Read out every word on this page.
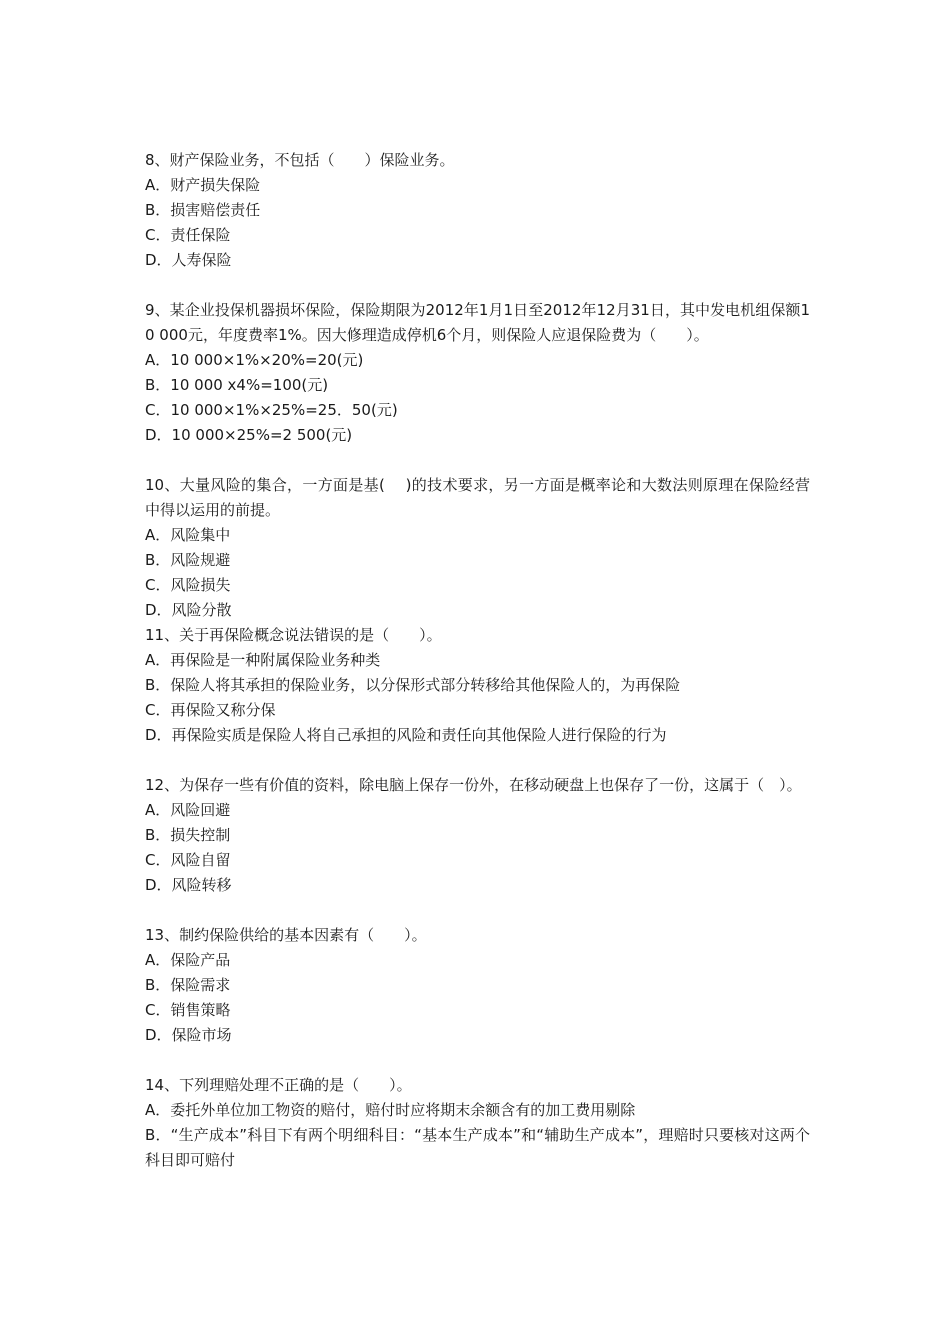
8、财产保险业务，不包括（　　）保险业务。

A．财产损失保险

B．损害赔偿责任

C．责任保险

D．人寿保险

9、某企业投保机器损坏保险，保险期限为2012年1月1日至2012年12月31日，其中发电机组保额10 000元，年度费率1%。因大修理造成停机6个月，则保险人应退保险费为（　　）。

A．10 000×1%×20%=20(元)

B．10 000 x4%=100(元)

C．10 000×1%×25%=25．50(元)

D．10 000×25%=2 500(元)

10、大量风险的集合，一方面是基(　 )的技术要求，另一方面是概率论和大数法则原理在保险经营中得以运用的前提。

A．风险集中

B．风险规避

C．风险损失

D．风险分散

11、关于再保险概念说法错误的是（　　）。

A．再保险是一种附属保险业务种类

B．保险人将其承担的保险业务，以分保形式部分转移给其他保险人的，为再保险

C．再保险又称分保

D．再保险实质是保险人将自己承担的风险和责任向其他保险人进行保险的行为

12、为保存一些有价值的资料，除电脑上保存一份外，在移动硬盘上也保存了一份，这属于（　）。

A．风险回避

B．损失控制

C．风险自留

D．风险转移

13、制约保险供给的基本因素有（　　）。

A．保险产品

B．保险需求

C．销售策略

D．保险市场

14、下列理赔处理不正确的是（　　）。

A．委托外单位加工物资的赔付，赔付时应将期末余额含有的加工费用剔除

B．“生产成本”科目下有两个明细科目：“基本生产成本”和“辅助生产成本”，理赔时只要核对这两个科目即可赔付
